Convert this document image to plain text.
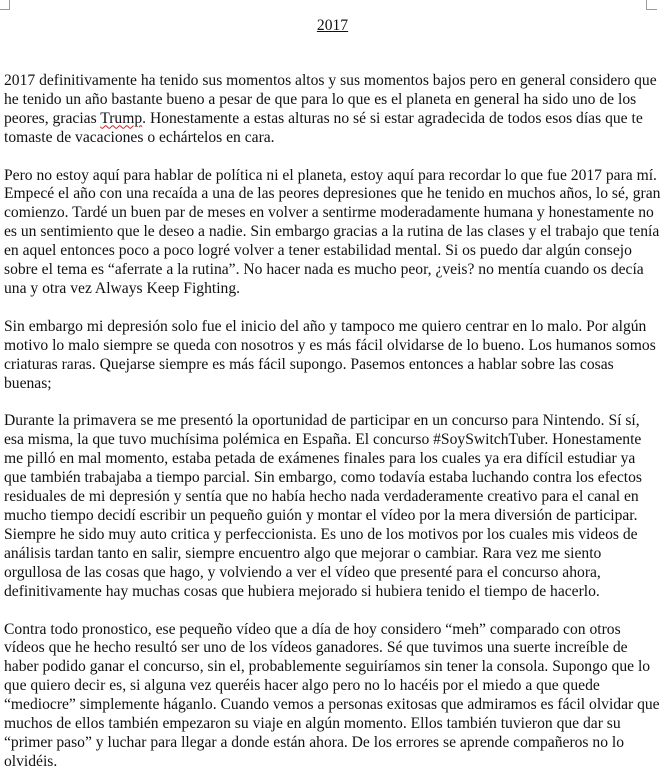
2017

2017 definitivamente ha tenido sus momentos altos y sus momentos bajos pero en general considero que he tenido un año bastante bueno a pesar de que para lo que es el planeta en general ha sido uno de los peores, gracias Trump. Honestamente a estas alturas no sé si estar agradecida de todos esos días que te tomaste de vacaciones o echártelos en cara.

Pero no estoy aquí para hablar de política ni el planeta, estoy aquí para recordar lo que fue 2017 para mí. Empecé el año con una recaída a una de las peores depresiones que he tenido en muchos años, lo sé, gran comienzo. Tardé un buen par de meses en volver a sentirme moderadamente humana y honestamente no es un sentimiento que le deseo a nadie. Sin embargo gracias a la rutina de las clases y el trabajo que tenía en aquel entonces poco a poco logré volver a tener estabilidad mental. Si os puedo dar algún consejo sobre el tema es “aferrate a la rutina”. No hacer nada es mucho peor, ¿veis? no mentía cuando os decía una y otra vez Always Keep Fighting.

Sin embargo mi depresión solo fue el inicio del año y tampoco me quiero centrar en lo malo. Por algún motivo lo malo siempre se queda con nosotros y es más fácil olvidarse de lo bueno. Los humanos somos criaturas raras. Quejarse siempre es más fácil supongo. Pasemos entonces a hablar sobre las cosas buenas;

Durante la primavera se me presentó la oportunidad de participar en un concurso para Nintendo. Sí sí, esa misma, la que tuvo muchísima polémica en España. El concurso #SoySwitchTuber. Honestamente me pilló en mal momento, estaba petada de exámenes finales para los cuales ya era difícil estudiar ya que también trabajaba a tiempo parcial. Sin embargo, como todavía estaba luchando contra los efectos residuales de mi depresión y sentía que no había hecho nada verdaderamente creativo para el canal en mucho tiempo decidí escribir un pequeño guión y montar el vídeo por la mera diversión de participar. Siempre he sido muy auto critica y perfeccionista. Es uno de los motivos por los cuales mis videos de análisis tardan tanto en salir, siempre encuentro algo que mejorar o cambiar. Rara vez me siento orgullosa de las cosas que hago, y volviendo a ver el vídeo que presenté para el concurso ahora, definitivamente hay muchas cosas que hubiera mejorado si hubiera tenido el tiempo de hacerlo.

Contra todo pronostico, ese pequeño vídeo que a día de hoy considero “meh” comparado con otros vídeos que he hecho resultó ser uno de los vídeos ganadores. Sé que tuvimos una suerte increíble de haber podido ganar el concurso, sin el, probablemente seguiríamos sin tener la consola. Supongo que lo que quiero decir es, si alguna vez queréis hacer algo pero no lo hacéis por el miedo a que quede “mediocre” simplemente háganlo. Cuando vemos a personas exitosas que admiramos es fácil olvidar que muchos de ellos también empezaron su viaje en algún momento. Ellos también tuvieron que dar su “primer paso” y luchar para llegar a donde están ahora. De los errores se aprende compañeros no lo olvidéis.
